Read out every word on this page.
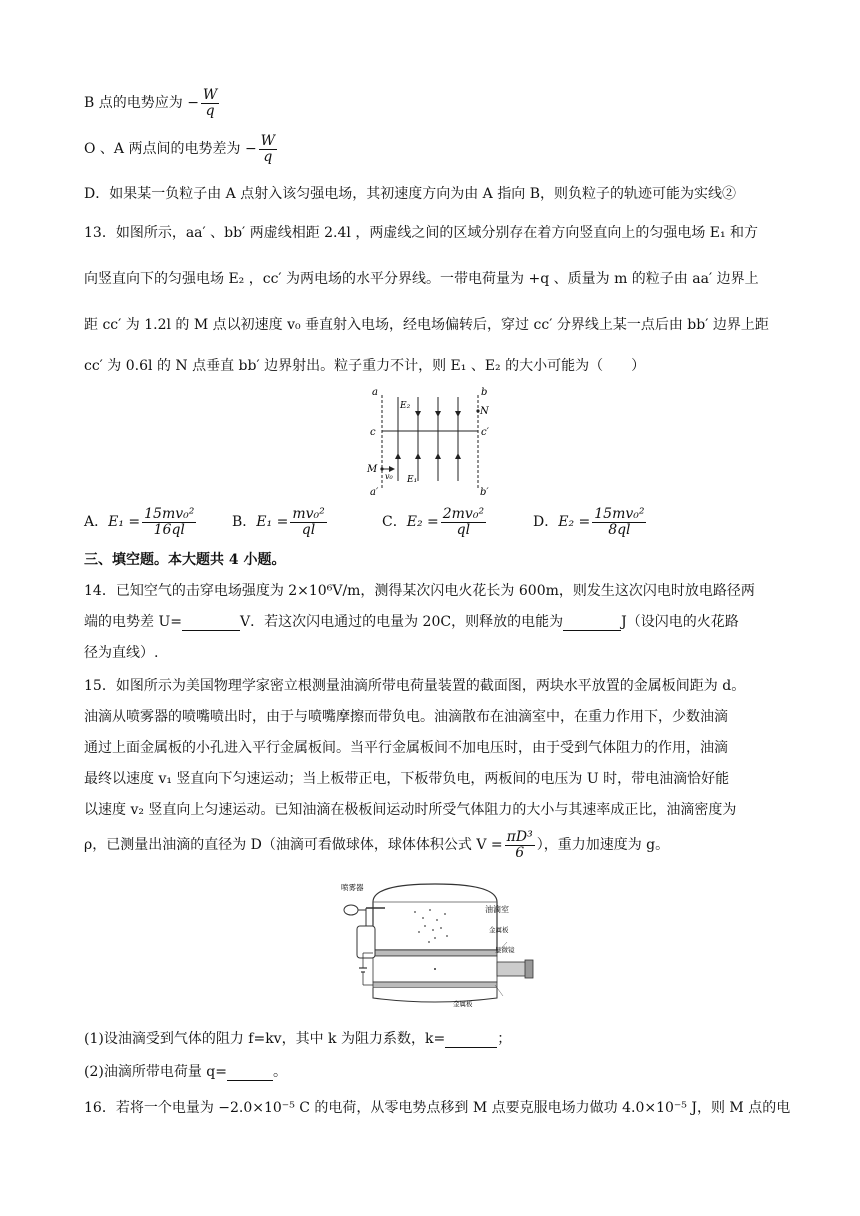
B 点的电势应为 − $\frac{W}{q}$
O 、A 两点间的电势差为 − $\frac{W}{q}$
D．如果某一负粒子由 A 点射入该匀强电场，其初速度方向为由 A 指向 B，则负粒子的轨迹可能为实线②
13．如图所示，aa′ 、bb′ 两虚线相距 2.4l ，两虚线之间的区域分别存在着方向竖直向上的匀强电场 E₁ 和方
向竖直向下的匀强电场 E₂ ，cc′ 为两电场的水平分界线。一带电荷量为 +q 、质量为 m 的粒子由 aa′ 边界上
距 cc′ 为 1.2l 的 M 点以初速度 v₀ 垂直射入电场，经电场偏转后，穿过 cc′ 分界线上某一点后由 bb′ 边界上距
cc′ 为 0.6l 的 N 点垂直 bb′ 边界射出。粒子重力不计，则 E₁ 、E₂ 的大小可能为（　　）
a	b
c	c′
E₂	N
M
v₀ E₁
a′	b′
A．$E_1 = \frac{\text{15mv₀²}}{16ql}$	B．$E_1 = \frac{\text{mv₀²}}{ql}$	C．$E_2 = \frac{\text{2mv₀²}}{ql}$	D．$E_2 = \frac{\text{15mv₀²}}{8ql}$
三、填空题。本大题共 4 小题。
14．已知空气的击穿电场强度为 2×10⁶V/m，测得某次闪电火花长为 600m，则发生这次闪电时放电路径两
端的电势差 U=	V．若这次闪电通过的电量为 20C，则释放的电能为	J（设闪电的火花路
径为直线）.
15．如图所示为美国物理学家密立根测量油滴所带电荷量装置的截面图，两块水平放置的金属板间距为 d。
油滴从喷雾器的喷嘴喷出时，由于与喷嘴摩擦而带负电。油滴散布在油滴室中，在重力作用下，少数油滴
通过上面金属板的小孔进入平行金属板间。当平行金属板间不加电压时，由于受到气体阻力的作用，油滴
最终以速度 v₁ 竖直向下匀速运动；当上板带正电，下板带负电，两板间的电压为 U 时，带电油滴恰好能
以速度 v₂ 竖直向上匀速运动。已知油滴在极板间运动时所受气体阻力的大小与其速率成正比，油滴密度为
ρ，已测量出油滴的直径为 D（油滴可看做球体，球体体积公式 $V = \frac{\text{πD³}}{6}$ ），重力加速度为 g。
喷雾器
油滴室
金属板
显微镜
金属板
(1)设油滴受到气体的阻力 f=kv，其中 k 为阻力系数，k=	；
(2)油滴所带电荷量 q=	。
16．若将一个电量为 −2.0×10⁻⁵ C 的电荷，从零电势点移到 M 点要克服电场力做功 4.0×10⁻⁵ J，则 M 点的电
